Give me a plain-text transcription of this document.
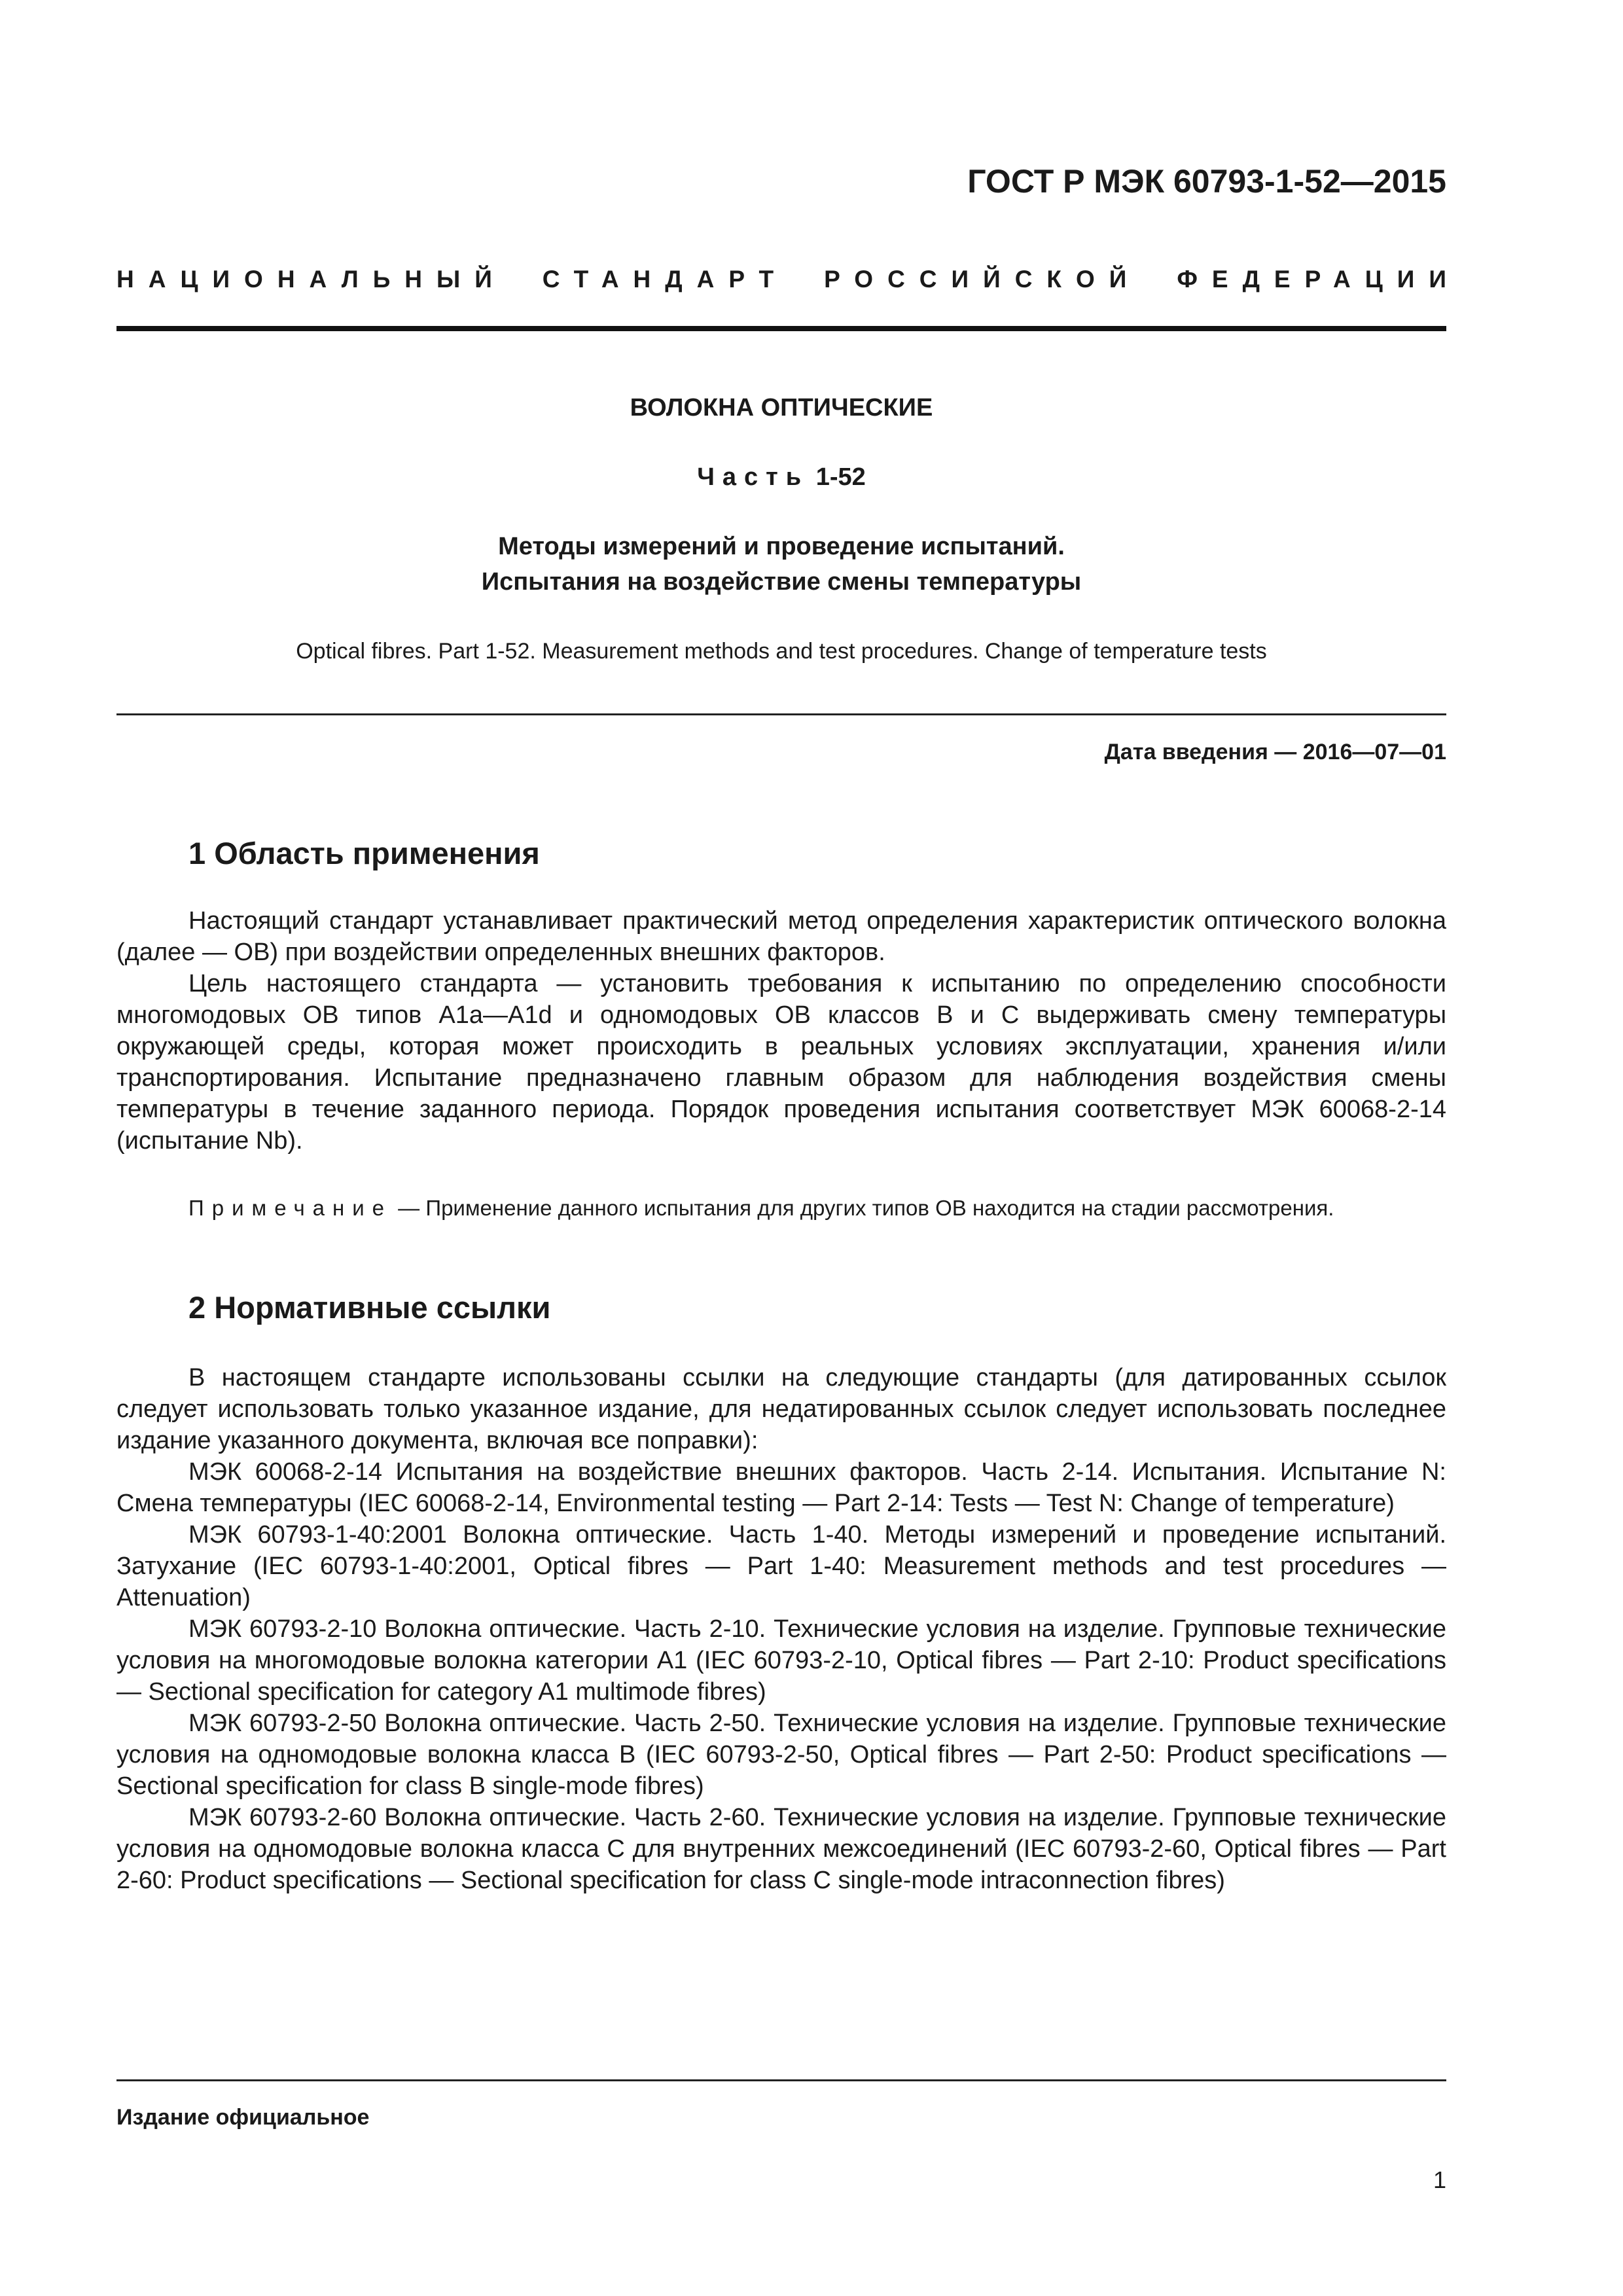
ГОСТ Р МЭК 60793-1-52—2015
НАЦИОНАЛЬНЫЙ СТАНДАРТ РОССИЙСКОЙ ФЕДЕРАЦИИ
ВОЛОКНА ОПТИЧЕСКИЕ
Часть 1-52
Методы измерений и проведение испытаний.
Испытания на воздействие смены температуры
Optical fibres. Part 1-52. Measurement methods and test procedures. Change of temperature tests
Дата введения — 2016—07—01
1 Область применения

Настоящий стандарт устанавливает практический метод определения характеристик оптического волокна (далее — ОВ) при воздействии определенных внешних факторов.

Цель настоящего стандарта — установить требования к испытанию по определению способности многомодовых ОВ типов А1а—А1d и одномодовых ОВ классов В и С выдерживать смену температуры окружающей среды, которая может происходить в реальных условиях эксплуатации, хранения и/или транспортирования. Испытание предназначено главным образом для наблюдения воздействия смены температуры в течение заданного периода. Порядок проведения испытания соответствует МЭК 60068-2-14 (испытание Nb).

Примечание — Применение данного испытания для других типов ОВ находится на стадии рассмотрения.
2 Нормативные ссылки

В настоящем стандарте использованы ссылки на следующие стандарты (для датированных ссылок следует использовать только указанное издание, для недатированных ссылок следует использовать последнее издание указанного документа, включая все поправки):

МЭК 60068-2-14 Испытания на воздействие внешних факторов. Часть 2-14. Испытания. Испытание N: Смена температуры (IEC 60068-2-14, Environmental testing — Part 2-14: Tests — Test N: Change of temperature)

МЭК 60793-1-40:2001 Волокна оптические. Часть 1-40. Методы измерений и проведение испытаний. Затухание (IEC 60793-1-40:2001, Optical fibres — Part 1-40: Measurement methods and test procedures — Attenuation)

МЭК 60793-2-10 Волокна оптические. Часть 2-10. Технические условия на изделие. Групповые технические условия на многомодовые волокна категории А1 (IEC 60793-2-10, Optical fibres — Part 2-10: Product specifications — Sectional specification for category A1 multimode fibres)

МЭК 60793-2-50 Волокна оптические. Часть 2-50. Технические условия на изделие. Групповые технические условия на одномодовые волокна класса В (IEC 60793-2-50, Optical fibres — Part 2-50: Product specifications — Sectional specification for class B single-mode fibres)

МЭК 60793-2-60 Волокна оптические. Часть 2-60. Технические условия на изделие. Групповые технические условия на одномодовые волокна класса С для внутренних межсоединений (IEC 60793-2-60, Optical fibres — Part 2-60: Product specifications — Sectional specification for class C single-mode intraconnection fibres)

Издание официальное
1
